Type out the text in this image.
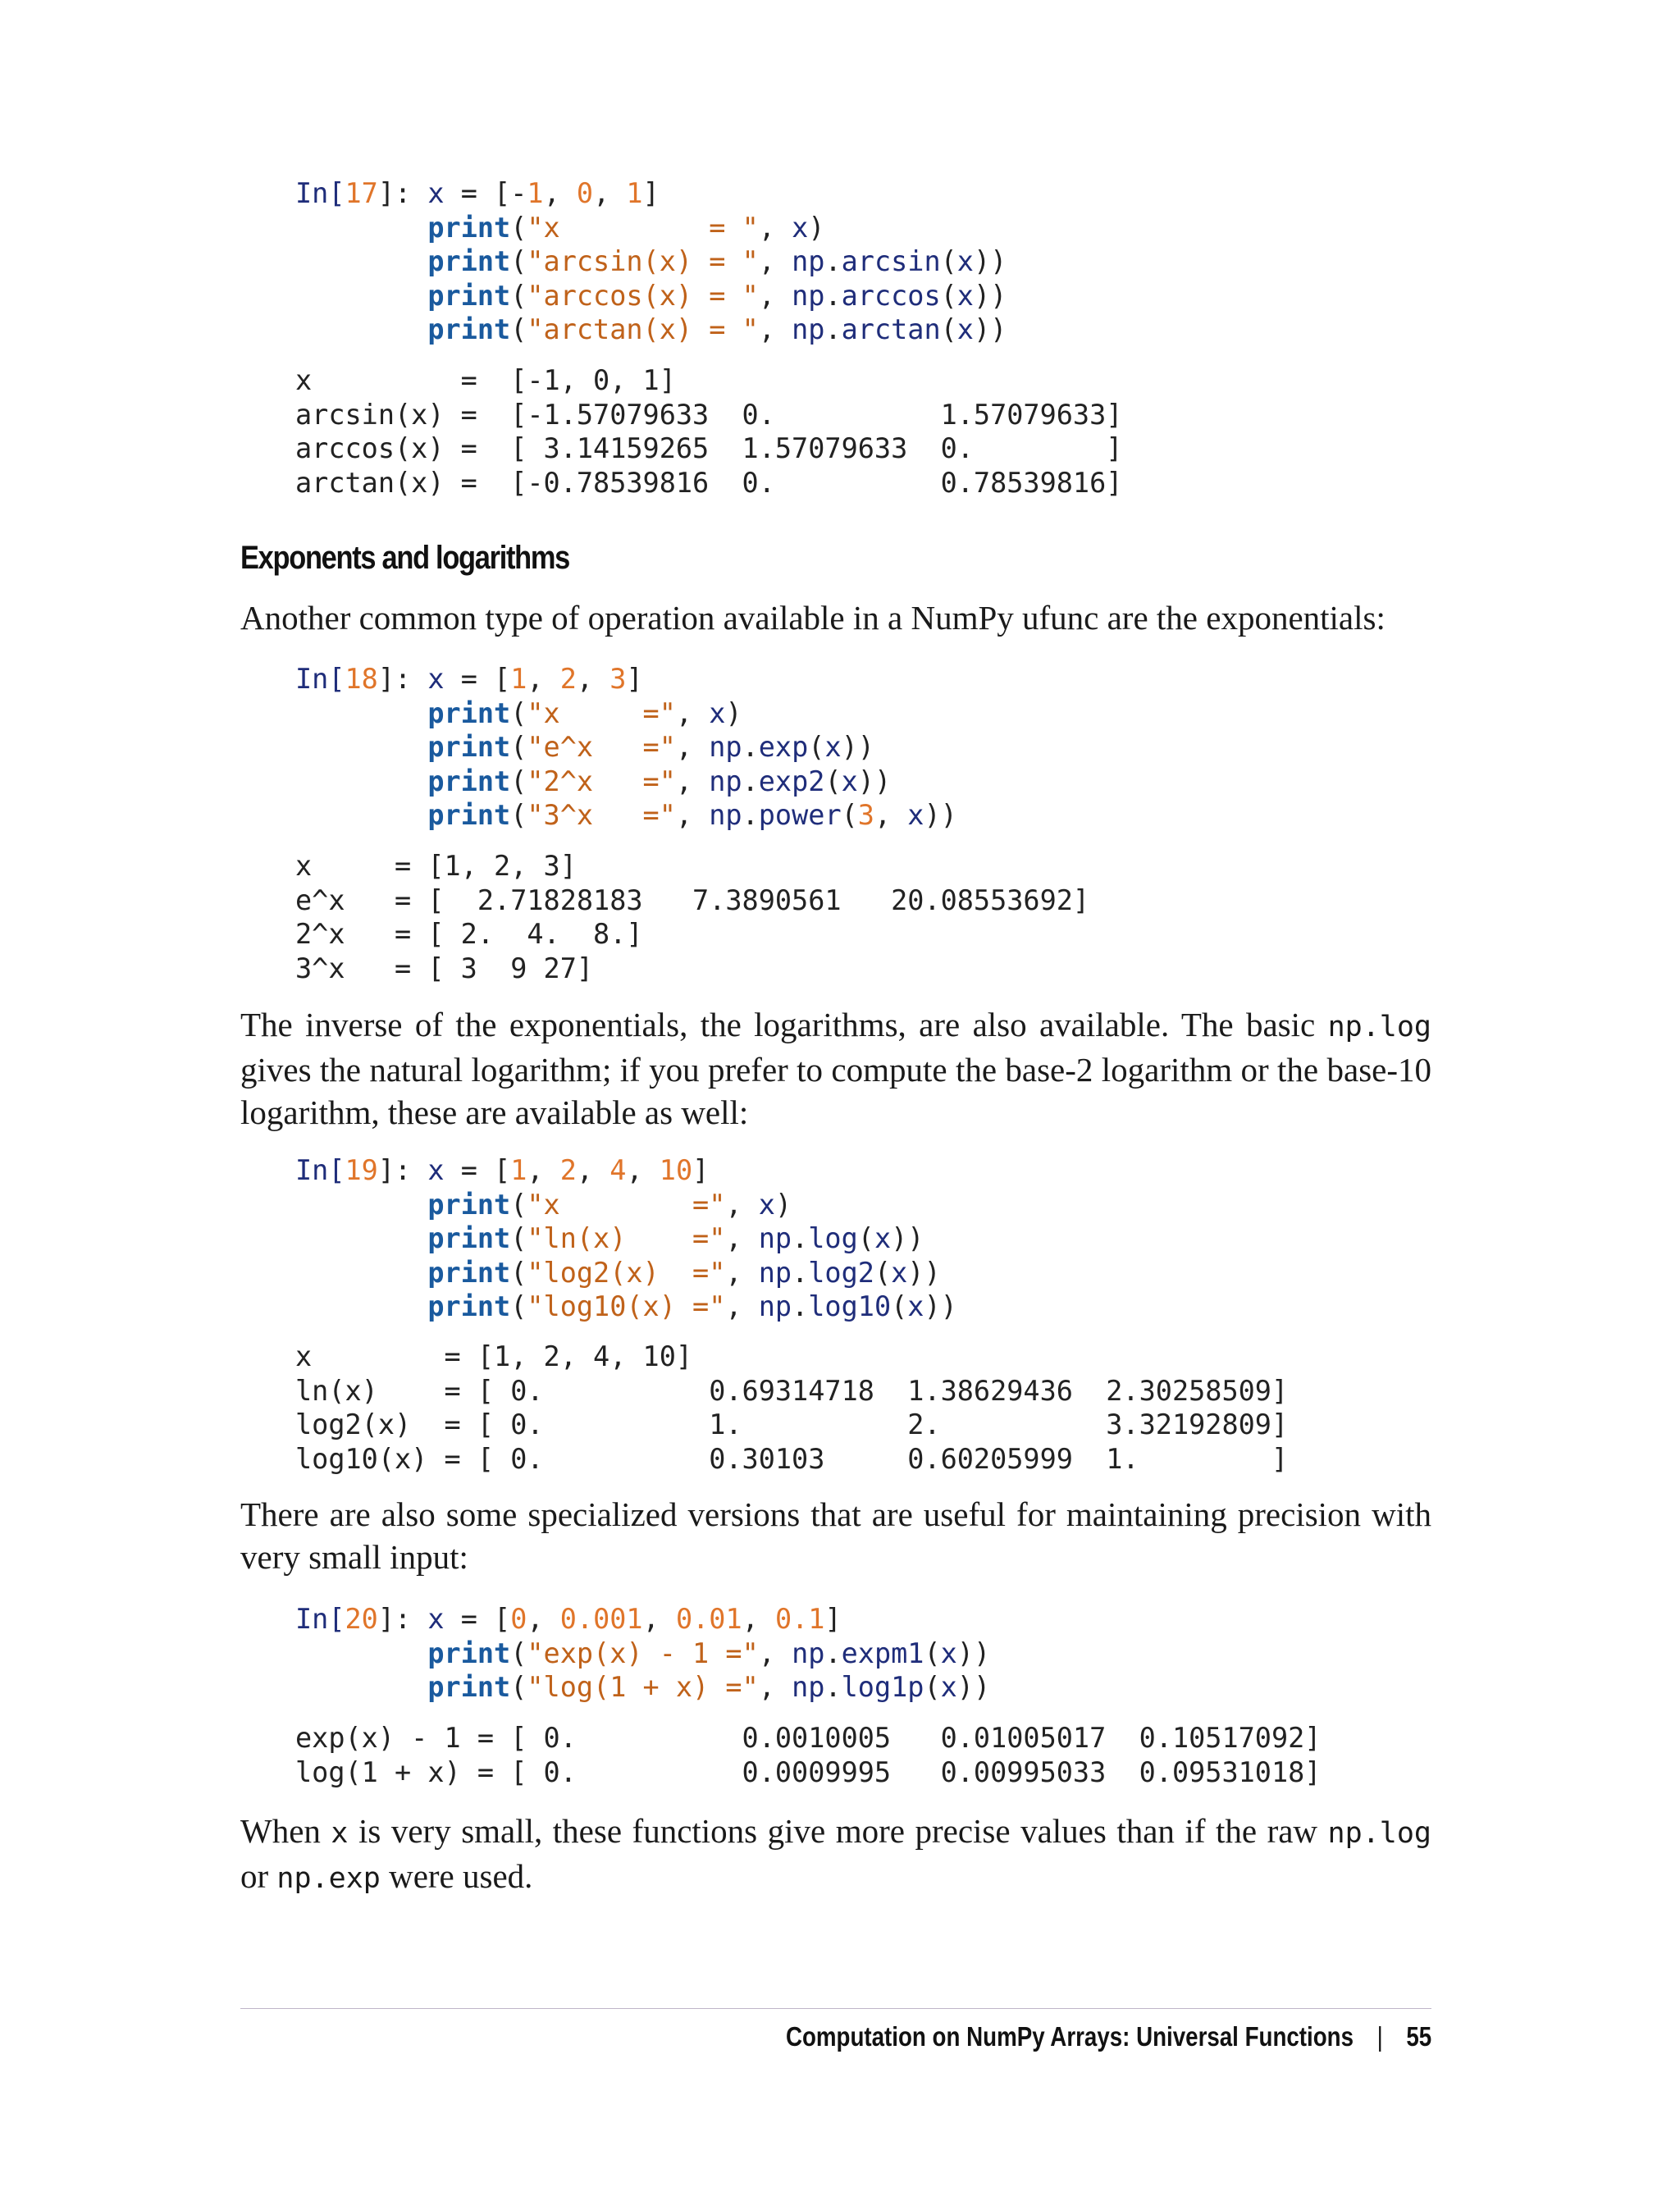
In[17]: x = [-1, 0, 1]
print("x         = ", x)
print("arcsin(x) = ", np.arcsin(x))
print("arccos(x) = ", np.arccos(x))
print("arctan(x) = ", np.arctan(x))
x         =  [-1, 0, 1]
arcsin(x) =  [-1.57079633  0.          1.57079633]
arccos(x) =  [ 3.14159265  1.57079633  0.        ]
arctan(x) =  [-0.78539816  0.          0.78539816]
Exponents and logarithms

Another common type of operation available in a NumPy ufunc are the exponentials:

In[18]: x = [1, 2, 3]
print("x     =", x)
print("e^x   =", np.exp(x))
print("2^x   =", np.exp2(x))
print("3^x   =", np.power(3, x))
x     = [1, 2, 3]
e^x   = [  2.71828183   7.3890561   20.08553692]
2^x   = [ 2.  4.  8.]
3^x   = [ 3  9 27]

The inverse of the exponentials, the logarithms, are also available. The basic np.log gives the natural logarithm; if you prefer to compute the base-2 logarithm or the base-10 logarithm, these are available as well:

In[19]: x = [1, 2, 4, 10]
print("x        =", x)
print("ln(x)    =", np.log(x))
print("log2(x)  =", np.log2(x))
print("log10(x) =", np.log10(x))
x        = [1, 2, 4, 10]
ln(x)    = [ 0.          0.69314718  1.38629436  2.30258509]
log2(x)  = [ 0.          1.          2.          3.32192809]
log10(x) = [ 0.          0.30103     0.60205999  1.        ]

There are also some specialized versions that are useful for maintaining precision with very small input:

In[20]: x = [0, 0.001, 0.01, 0.1]
print("exp(x) - 1 =", np.expm1(x))
print("log(1 + x) =", np.log1p(x))
exp(x) - 1 = [ 0.          0.0010005   0.01005017  0.10517092]
log(1 + x) = [ 0.          0.0009995   0.00995033  0.09531018]

When x is very small, these functions give more precise values than if the raw np.log or np.exp were used.

Computation on NumPy Arrays: Universal Functions | 55
